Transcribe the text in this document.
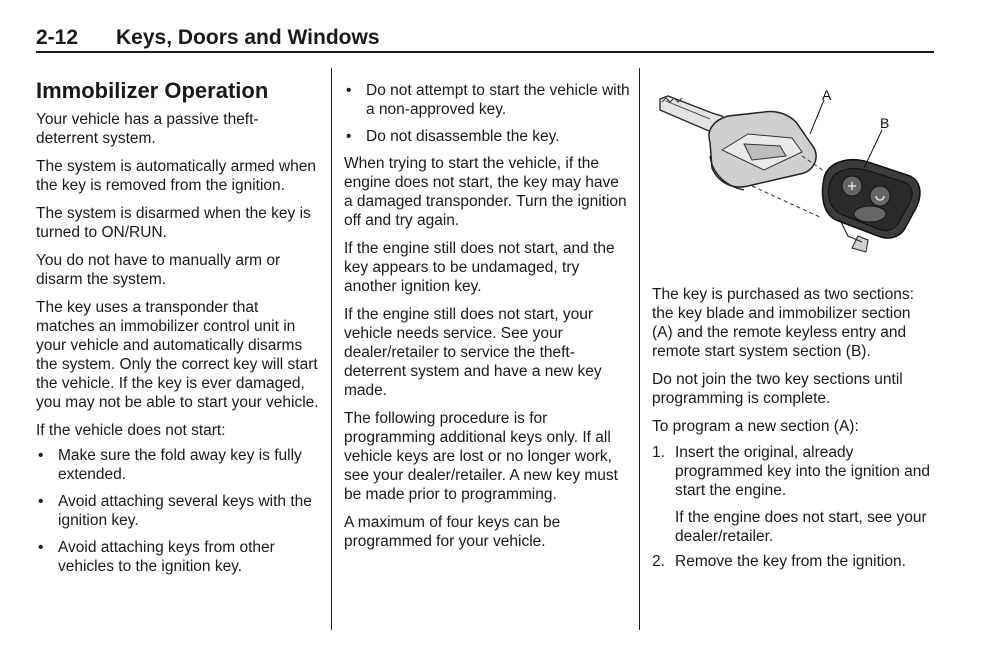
2-12 Keys, Doors and Windows
Immobilizer Operation

Your vehicle has a passive theft-deterrent system.

The system is automatically armed when the key is removed from the ignition.

The system is disarmed when the key is turned to ON/RUN.

You do not have to manually arm or disarm the system.

The key uses a transponder that matches an immobilizer control unit in your vehicle and automatically disarms the system. Only the correct key will start the vehicle. If the key is ever damaged, you may not be able to start your vehicle.

If the vehicle does not start:

• Make sure the fold away key is fully extended.
• Avoid attaching several keys with the ignition key.
• Avoid attaching keys from other vehicles to the ignition key.
• Do not attempt to start the vehicle with a non-approved key.
• Do not disassemble the key.

When trying to start the vehicle, if the engine does not start, the key may have a damaged transponder. Turn the ignition off and try again.

If the engine still does not start, and the key appears to be undamaged, try another ignition key.

If the engine still does not start, your vehicle needs service. See your dealer/retailer to service the theft-deterrent system and have a new key made.

The following procedure is for programming additional keys only. If all vehicle keys are lost or no longer work, see your dealer/retailer. A new key must be made prior to programming.

A maximum of four keys can be programmed for your vehicle.

A
B

The key is purchased as two sections: the key blade and immobilizer section (A) and the remote keyless entry and remote start system section (B).

Do not join the two key sections until programming is complete.

To program a new section (A):

1. Insert the original, already programmed key into the ignition and start the engine.
If the engine does not start, see your dealer/retailer.
2. Remove the key from the ignition.
